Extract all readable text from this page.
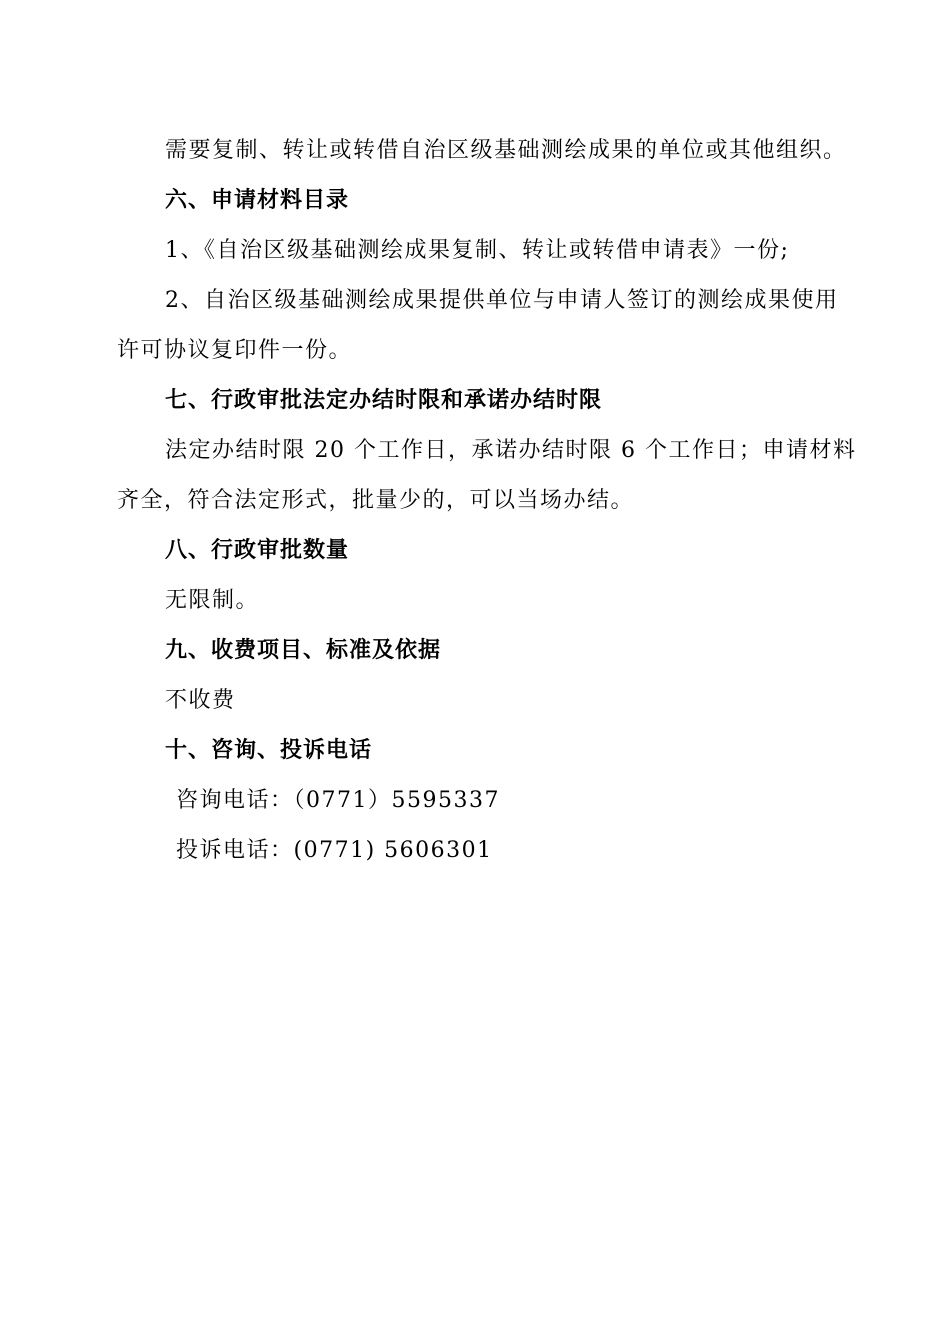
需要复制、转让或转借自治区级基础测绘成果的单位或其他组织。

六、申请材料目录

1、《自治区级基础测绘成果复制、转让或转借申请表》一份;

2、自治区级基础测绘成果提供单位与申请人签订的测绘成果使用

许可协议复印件一份。

七、行政审批法定办结时限和承诺办结时限

法定办结时限 20 个工作日，承诺办结时限 6 个工作日；申请材料

齐全，符合法定形式，批量少的，可以当场办结。

八、行政审批数量

无限制。

九、收费项目、标准及依据

不收费

十、咨询、投诉电话

咨询电话：（0771）5595337

投诉电话：(0771) 5606301
